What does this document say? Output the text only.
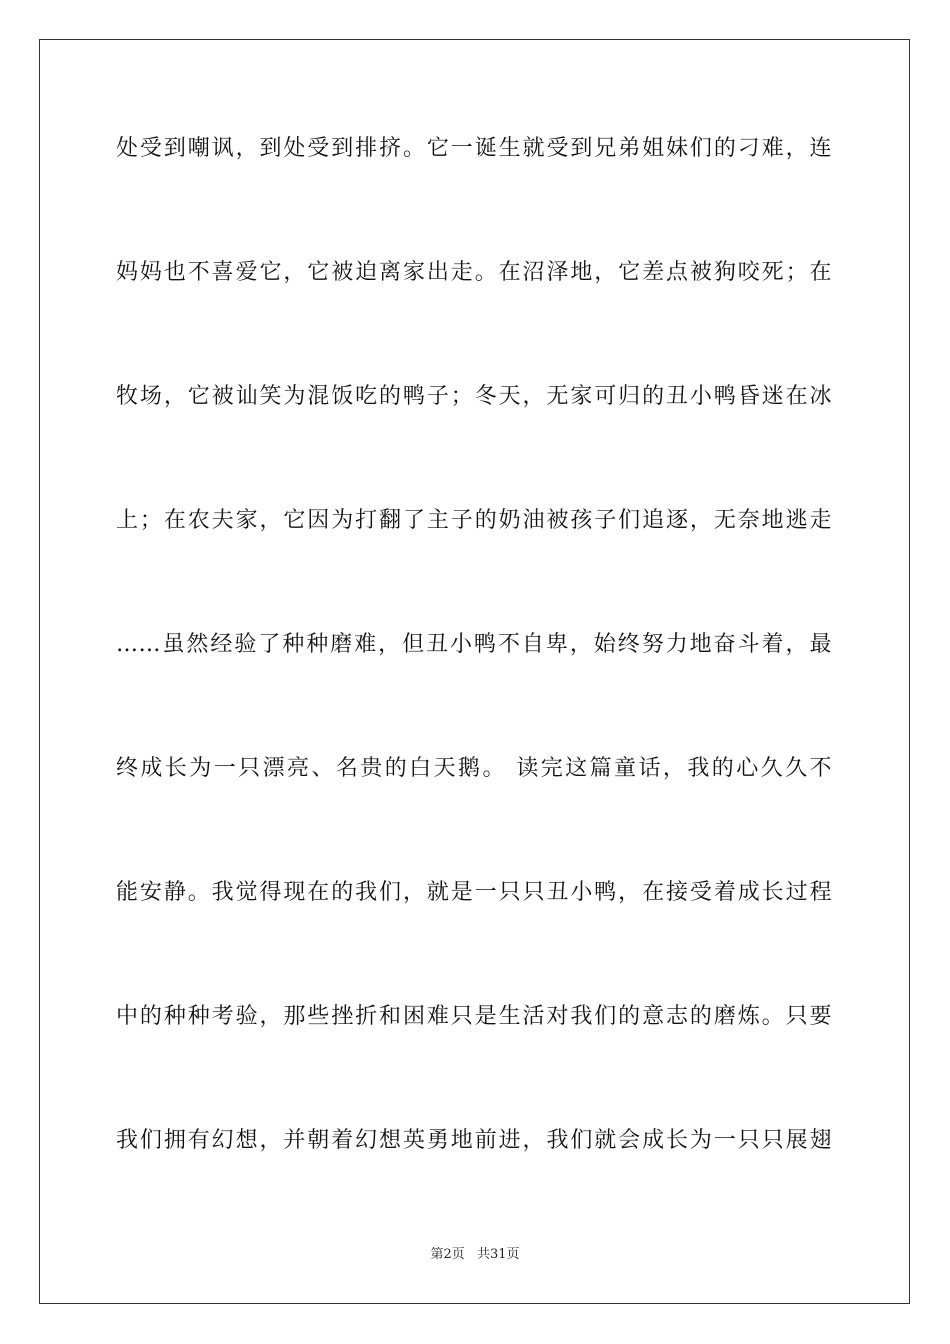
处受到嘲讽，到处受到排挤。它一诞生就受到兄弟姐妹们的刁难，连
妈妈也不喜爱它，它被迫离家出走。在沼泽地，它差点被狗咬死；在
牧场，它被讪笑为混饭吃的鸭子；冬天，无家可归的丑小鸭昏迷在冰
上；在农夫家，它因为打翻了主子的奶油被孩子们追逐，无奈地逃走
……虽然经验了种种磨难，但丑小鸭不自卑，始终努力地奋斗着，最
终成长为一只漂亮、名贵的白天鹅。 读完这篇童话，我的心久久不
能安静。我觉得现在的我们，就是一只只丑小鸭，在接受着成长过程
中的种种考验，那些挫折和困难只是生活对我们的意志的磨炼。只要
我们拥有幻想，并朝着幻想英勇地前进，我们就会成长为一只只展翅
第2页 共31页
